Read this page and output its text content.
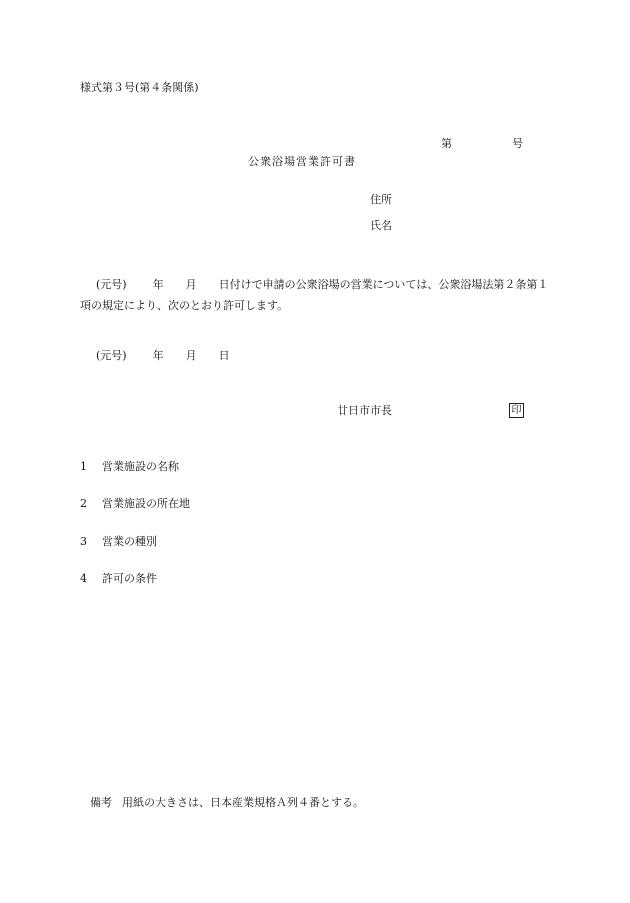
様式第３号(第４条関係)
第	号
公衆浴場営業許可書
住所
氏名
(元号) 年 月 日付けで申請の公衆浴場の営業については、公衆浴場法第２条第１項の規定により、次のとおり許可します。
(元号) 年 月 日
廿日市市長	印
1 営業施設の名称
2 営業施設の所在地
3 営業の種別
4 許可の条件
備考 用紙の大きさは、日本産業規格Ａ列４番とする。
